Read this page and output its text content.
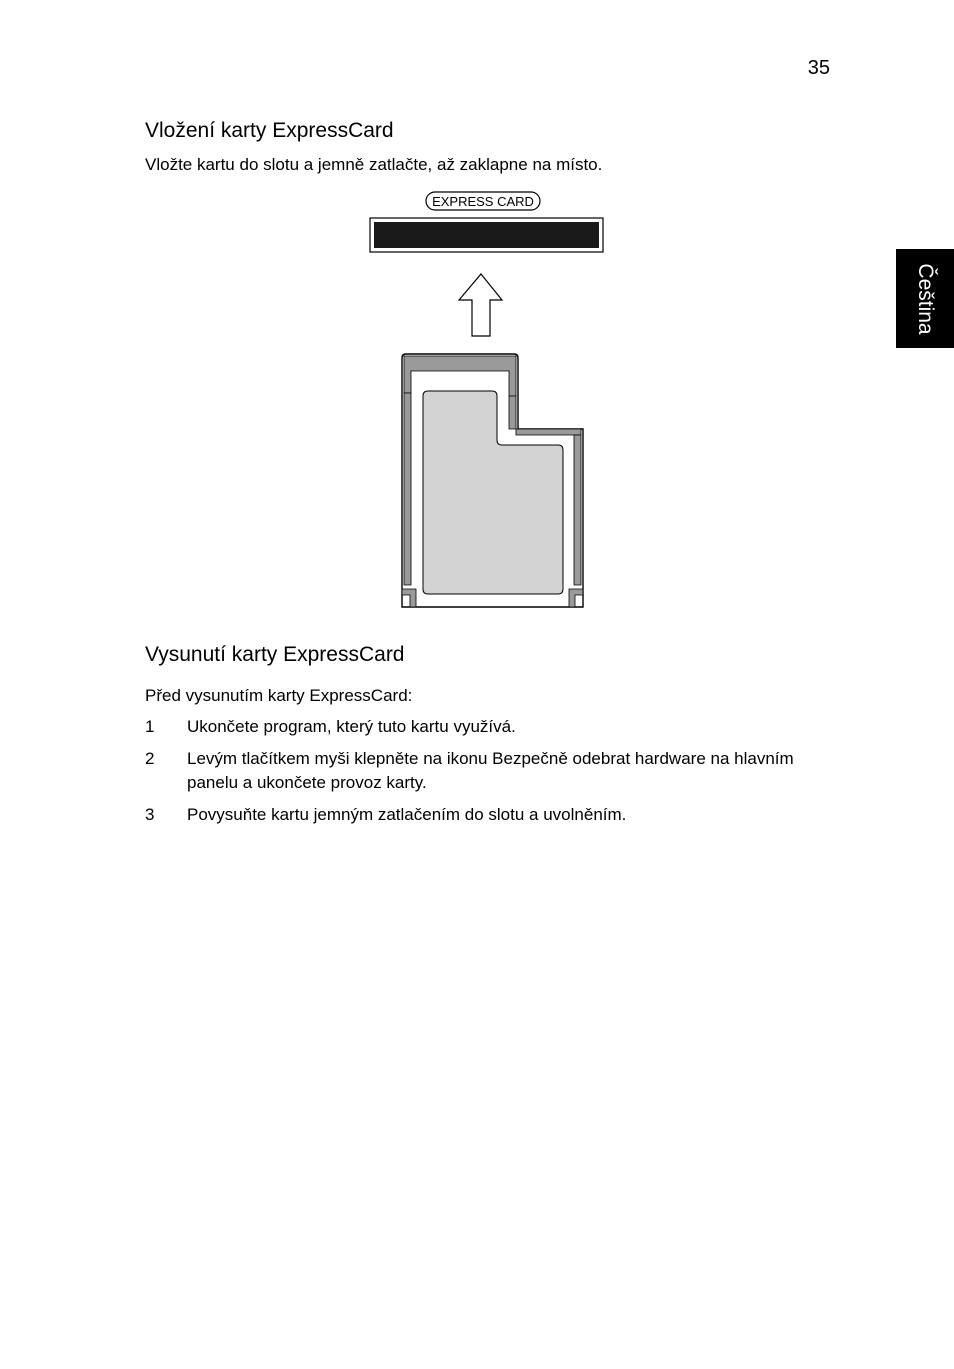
35
Čeština
Vložení karty ExpressCard
Vložte kartu do slotu a jemně zatlačte, až zaklapne na místo.
EXPRESS CARD
Vysunutí karty ExpressCard
Před vysunutím karty ExpressCard:
1	Ukončete program, který tuto kartu využívá.
2	Levým tlačítkem myši klepněte na ikonu Bezpečně odebrat hardware na hlavním panelu a ukončete provoz karty.
3	Povysuňte kartu jemným zatlačením do slotu a uvolněním.
